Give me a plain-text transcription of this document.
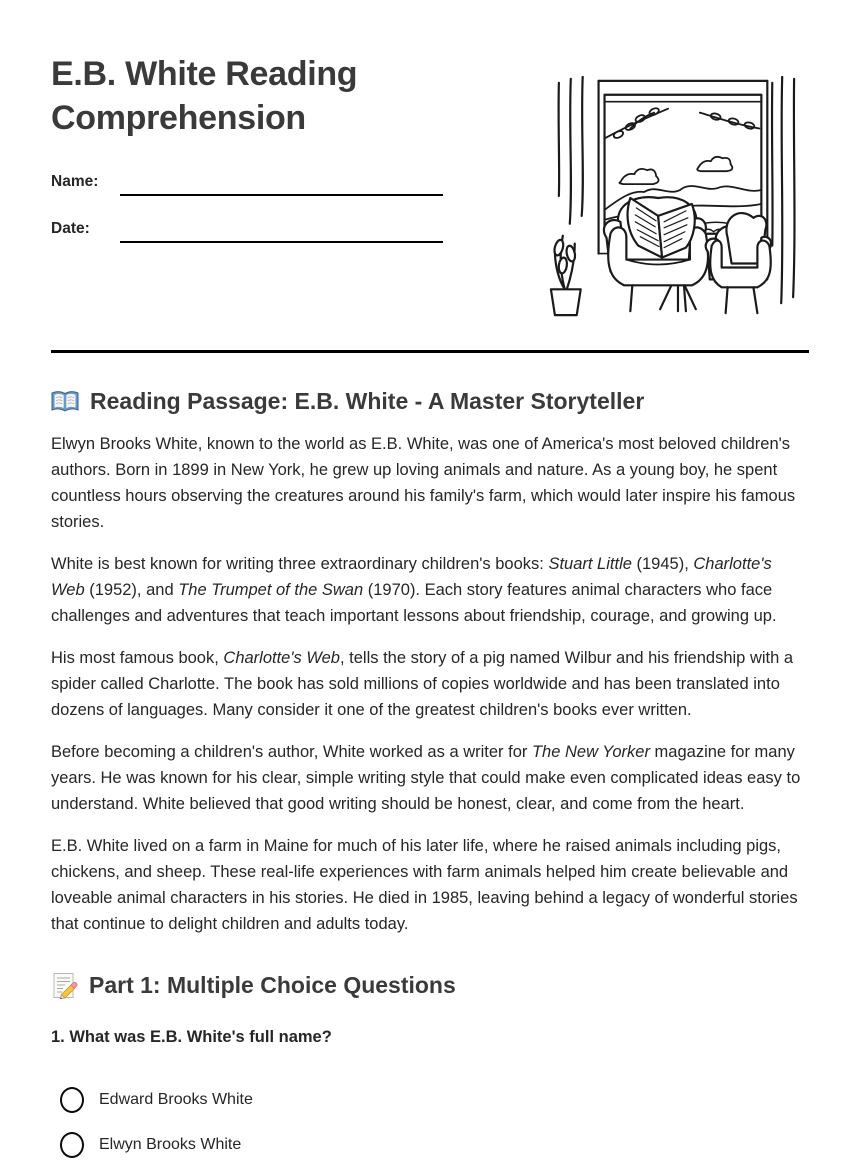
E.B. White Reading Comprehension
Name:
Date:
Reading Passage: E.B. White - A Master Storyteller

Elwyn Brooks White, known to the world as E.B. White, was one of America's most beloved children's authors. Born in 1899 in New York, he grew up loving animals and nature. As a young boy, he spent countless hours observing the creatures around his family's farm, which would later inspire his famous stories.

White is best known for writing three extraordinary children's books: Stuart Little (1945), Charlotte's Web (1952), and The Trumpet of the Swan (1970). Each story features animal characters who face challenges and adventures that teach important lessons about friendship, courage, and growing up.

His most famous book, Charlotte's Web, tells the story of a pig named Wilbur and his friendship with a spider called Charlotte. The book has sold millions of copies worldwide and has been translated into dozens of languages. Many consider it one of the greatest children's books ever written.

Before becoming a children's author, White worked as a writer for The New Yorker magazine for many years. He was known for his clear, simple writing style that could make even complicated ideas easy to understand. White believed that good writing should be honest, clear, and come from the heart.

E.B. White lived on a farm in Maine for much of his later life, where he raised animals including pigs, chickens, and sheep. These real-life experiences with farm animals helped him create believable and loveable animal characters in his stories. He died in 1985, leaving behind a legacy of wonderful stories that continue to delight children and adults today.

Part 1: Multiple Choice Questions

1. What was E.B. White's full name?

Edward Brooks White
Elwyn Brooks White
